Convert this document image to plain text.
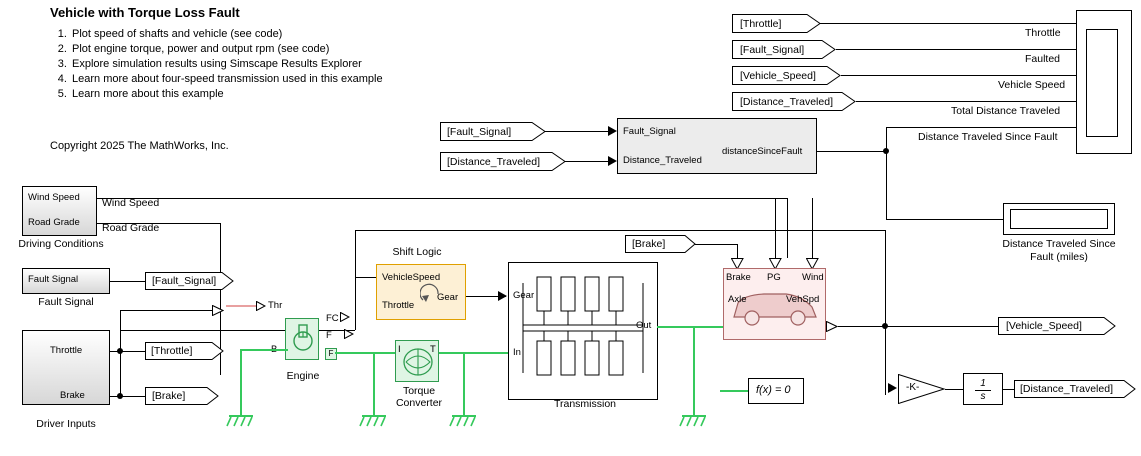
Vehicle with Torque Loss Fault
1. Plot speed of shafts and vehicle (see code)
2. Plot engine torque, power and output rpm (see code)
3. Explore simulation results using Simscape Results Explorer
4. Learn more about four-speed transmission used in this example
5. Learn more about this example
Copyright 2025 The MathWorks, Inc.
[Throttle]
[Fault_Signal]
[Vehicle_Speed]
[Distance_Traveled]
Throttle
Faulted
Vehicle Speed
Total Distance Traveled
Distance Traveled Since Fault
[Fault_Signal]
[Distance_Traveled]
Fault_Signal
Distance_Traveled
distanceSinceFault
Distance Traveled Since
Fault (miles)
Wind Speed
Road Grade
Driving Conditions
Wind Speed
Road Grade
Fault Signal
Fault Signal
[Fault_Signal]
Throttle
Brake
Driver Inputs
[Throttle]
Thr
[Brake]
Shift Logic
VehicleSpeed
Throttle
Gear
[Brake]
Engine
FC
F
F	I	T
Torque
Converter
Gear
In
Out
Transmission
f(x) = 0
Axle	VehSpd
Brake PG Wind
[Vehicle_Speed]
-K-	1
s
[Distance_Traveled]
